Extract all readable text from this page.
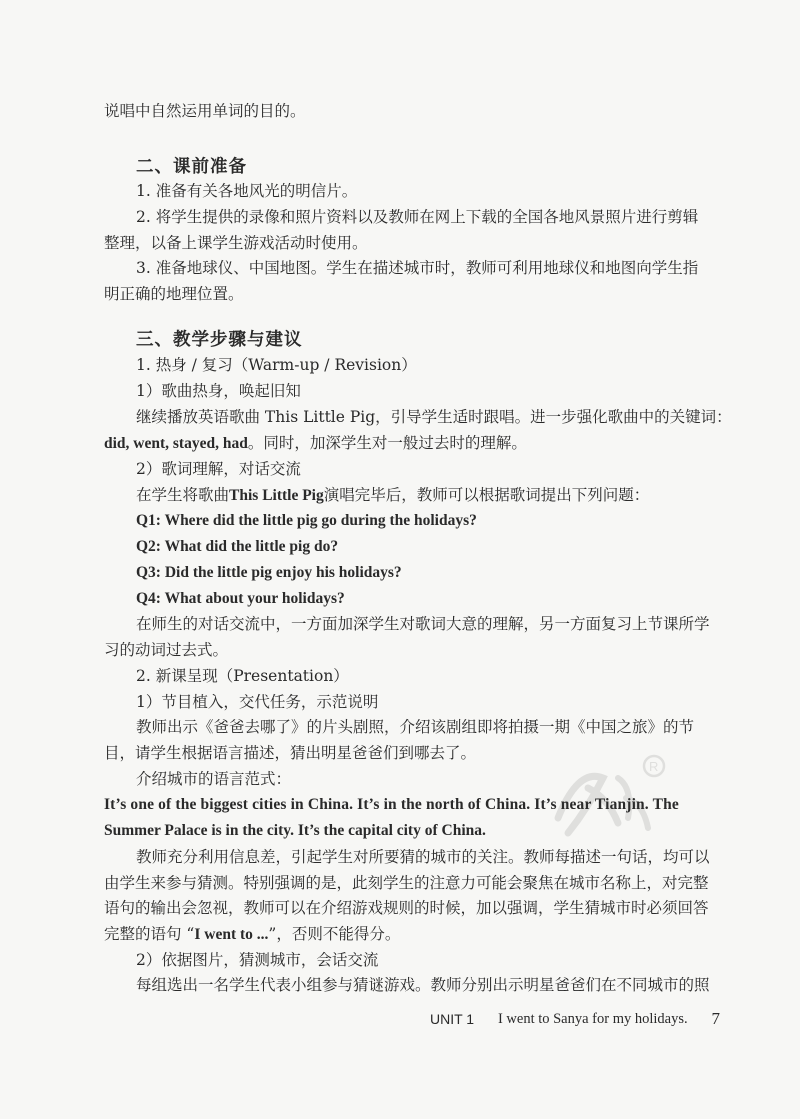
说唱中自然运用单词的目的。
二、课前准备
1. 准备有关各地风光的明信片。
2. 将学生提供的录像和照片资料以及教师在网上下载的全国各地风景照片进行剪辑
整理，以备上课学生游戏活动时使用。
3. 准备地球仪、中国地图。学生在描述城市时，教师可利用地球仪和地图向学生指
明正确的地理位置。
三、教学步骤与建议
1. 热身 / 复习（Warm-up / Revision）
1）歌曲热身，唤起旧知
继续播放英语歌曲 This Little Pig，引导学生适时跟唱。进一步强化歌曲中的关键词：
did, went, stayed, had。同时，加深学生对一般过去时的理解。
2）歌词理解，对话交流
在学生将歌曲This Little Pig演唱完毕后，教师可以根据歌词提出下列问题：
Q1: Where did the little pig go during the holidays?
Q2: What did the little pig do?
Q3: Did the little pig enjoy his holidays?
Q4: What about your holidays?
在师生的对话交流中，一方面加深学生对歌词大意的理解，另一方面复习上节课所学
习的动词过去式。
2. 新课呈现（Presentation）
1）节目植入，交代任务，示范说明
教师出示《爸爸去哪了》的片头剧照，介绍该剧组即将拍摄一期《中国之旅》的节
目，请学生根据语言描述，猜出明星爸爸们到哪去了。
介绍城市的语言范式：
It’s one of the biggest cities in China. It’s in the north of China. It’s near Tianjin. The
Summer Palace is in the city. It’s the capital city of China.
教师充分利用信息差，引起学生对所要猜的城市的关注。教师每描述一句话，均可以
由学生来参与猜测。特别强调的是，此刻学生的注意力可能会聚焦在城市名称上，对完整
语句的输出会忽视，教师可以在介绍游戏规则的时候，加以强调，学生猜城市时必须回答
完整的语句 “I went to ...”，否则不能得分。
2）依据图片，猜测城市，会话交流
每组选出一名学生代表小组参与猜谜游戏。教师分别出示明星爸爸们在不同城市的照
R
UNIT 1 I went to Sanya for my holidays. 7
